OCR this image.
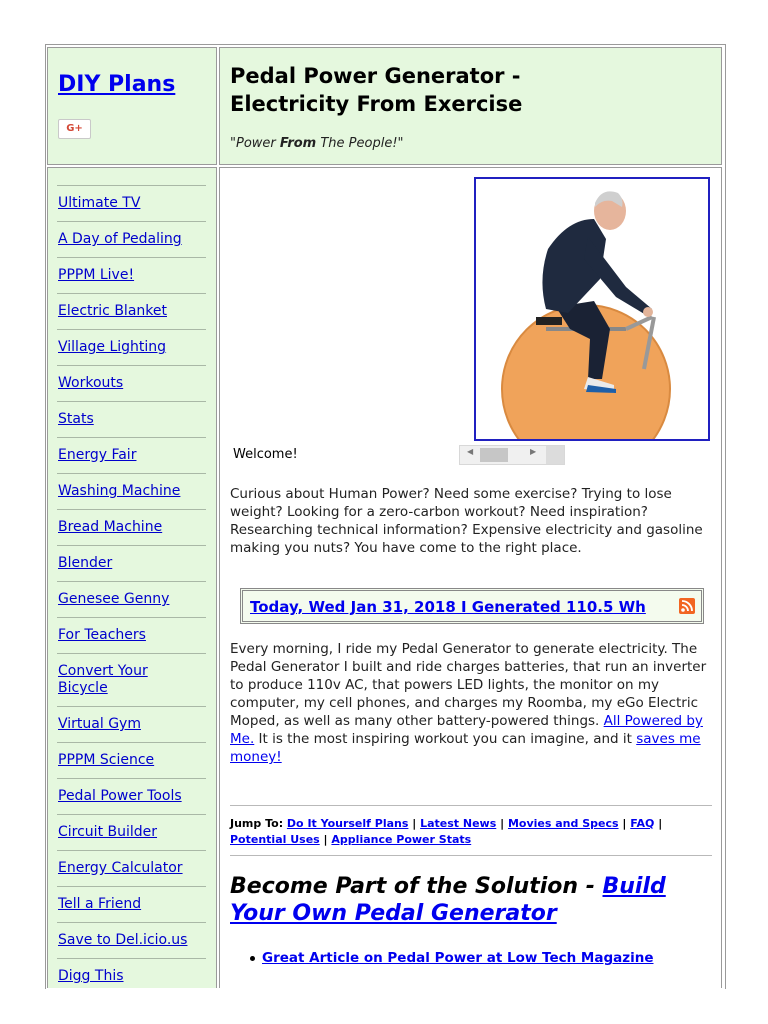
DIY Plans
G+
Pedal Power Generator -
Electricity From Exercise
"Power From The People!"
Ultimate TV
A Day of Pedaling
PPPM Live!
Electric Blanket
Village Lighting
Workouts
Stats
Energy Fair
Washing Machine
Bread Machine
Blender
Genesee Genny
For Teachers
Convert Your
Bicycle
Virtual Gym
PPPM Science
Pedal Power Tools
Circuit Builder
Energy Calculator
Tell a Friend
Save to Del.icio.us
Digg This
Welcome!	◀	▶
Curious about Human Power? Need some exercise? Trying to lose weight? Looking for a zero-carbon workout? Need inspiration? Researching technical information? Expensive electricity and gasoline making you nuts? You have come to the right place.
Today, Wed Jan 31, 2018 I Generated 110.5 Wh
Every morning, I ride my Pedal Generator to generate electricity. The Pedal Generator I built and ride charges batteries, that run an inverter to produce 110v AC, that powers LED lights, the monitor on my computer, my cell phones, and charges my Roomba, my eGo Electric Moped, as well as many other battery-powered things. All Powered by Me. It is the most inspiring workout you can imagine, and it saves me money!
Jump To: Do It Yourself Plans | Latest News | Movies and Specs | FAQ | Potential Uses | Appliance Power Stats
Become Part of the Solution - Build Your Own Pedal Generator
Great Article on Pedal Power at Low Tech Magazine
